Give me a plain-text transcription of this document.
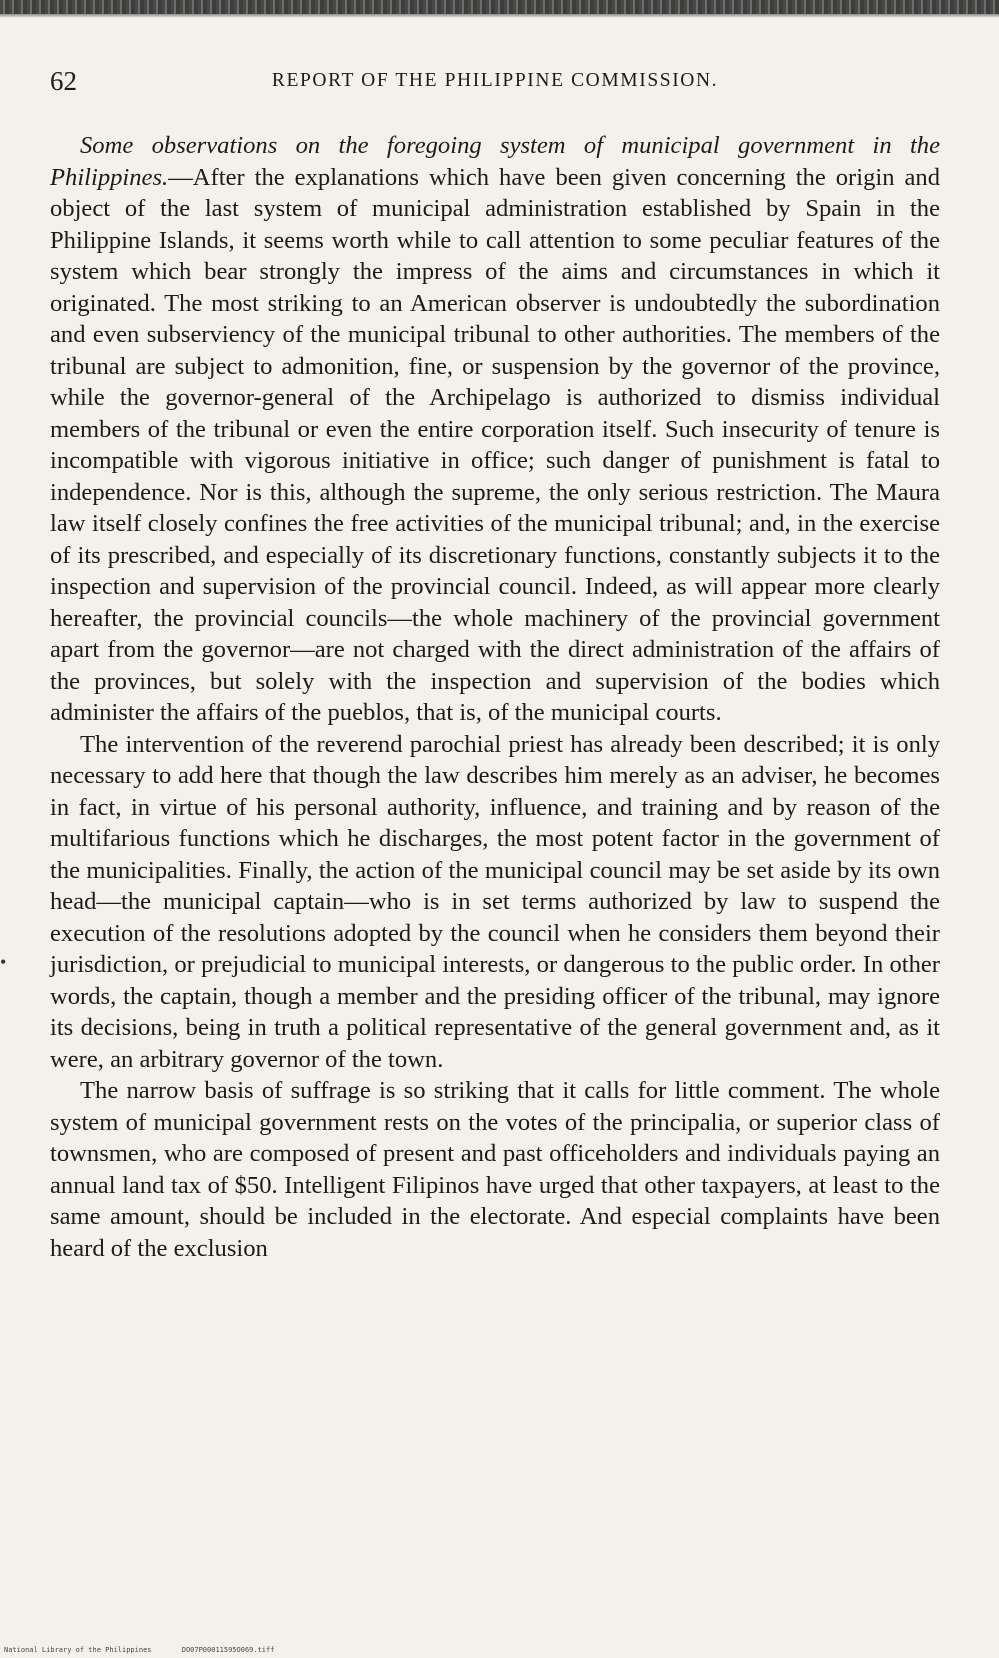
62	REPORT OF THE PHILIPPINE COMMISSION.

Some observations on the foregoing system of municipal government in the Philippines.—After the explanations which have been given concerning the origin and object of the last system of municipal administration established by Spain in the Philippine Islands, it seems worth while to call attention to some peculiar features of the system which bear strongly the impress of the aims and circumstances in which it originated. The most striking to an American observer is undoubtedly the subordination and even subserviency of the municipal tribunal to other authorities. The members of the tribunal are subject to admonition, fine, or suspension by the governor of the province, while the governor-general of the Archipelago is authorized to dismiss individual members of the tribunal or even the entire corporation itself. Such insecurity of tenure is incompatible with vigorous initiative in office; such danger of punishment is fatal to independence. Nor is this, although the supreme, the only serious restriction. The Maura law itself closely confines the free activities of the municipal tribunal; and, in the exercise of its prescribed, and especially of its discretionary functions, constantly subjects it to the inspection and supervision of the provincial council. Indeed, as will appear more clearly hereafter, the provincial councils—the whole machinery of the provincial government apart from the governor—are not charged with the direct administration of the affairs of the provinces, but solely with the inspection and supervision of the bodies which administer the affairs of the pueblos, that is, of the municipal courts.

The intervention of the reverend parochial priest has already been described; it is only necessary to add here that though the law describes him merely as an adviser, he becomes in fact, in virtue of his personal authority, influence, and training and by reason of the multifarious functions which he discharges, the most potent factor in the government of the municipalities. Finally, the action of the municipal council may be set aside by its own head—the municipal captain—who is in set terms authorized by law to suspend the execution of the resolutions adopted by the council when he considers them beyond their jurisdiction, or prejudicial to municipal interests, or dangerous to the public order. In other words, the captain, though a member and the presiding officer of the tribunal, may ignore its decisions, being in truth a political representative of the general government and, as it were, an arbitrary governor of the town.

The narrow basis of suffrage is so striking that it calls for little comment. The whole system of municipal government rests on the votes of the principalia, or superior class of townsmen, who are composed of present and past officeholders and individuals paying an annual land tax of $50. Intelligent Filipinos have urged that other taxpayers, at least to the same amount, should be included in the electorate. And especial complaints have been heard of the exclusion

•
National Library of the Philippines	DO07P00011595O069.tiff
